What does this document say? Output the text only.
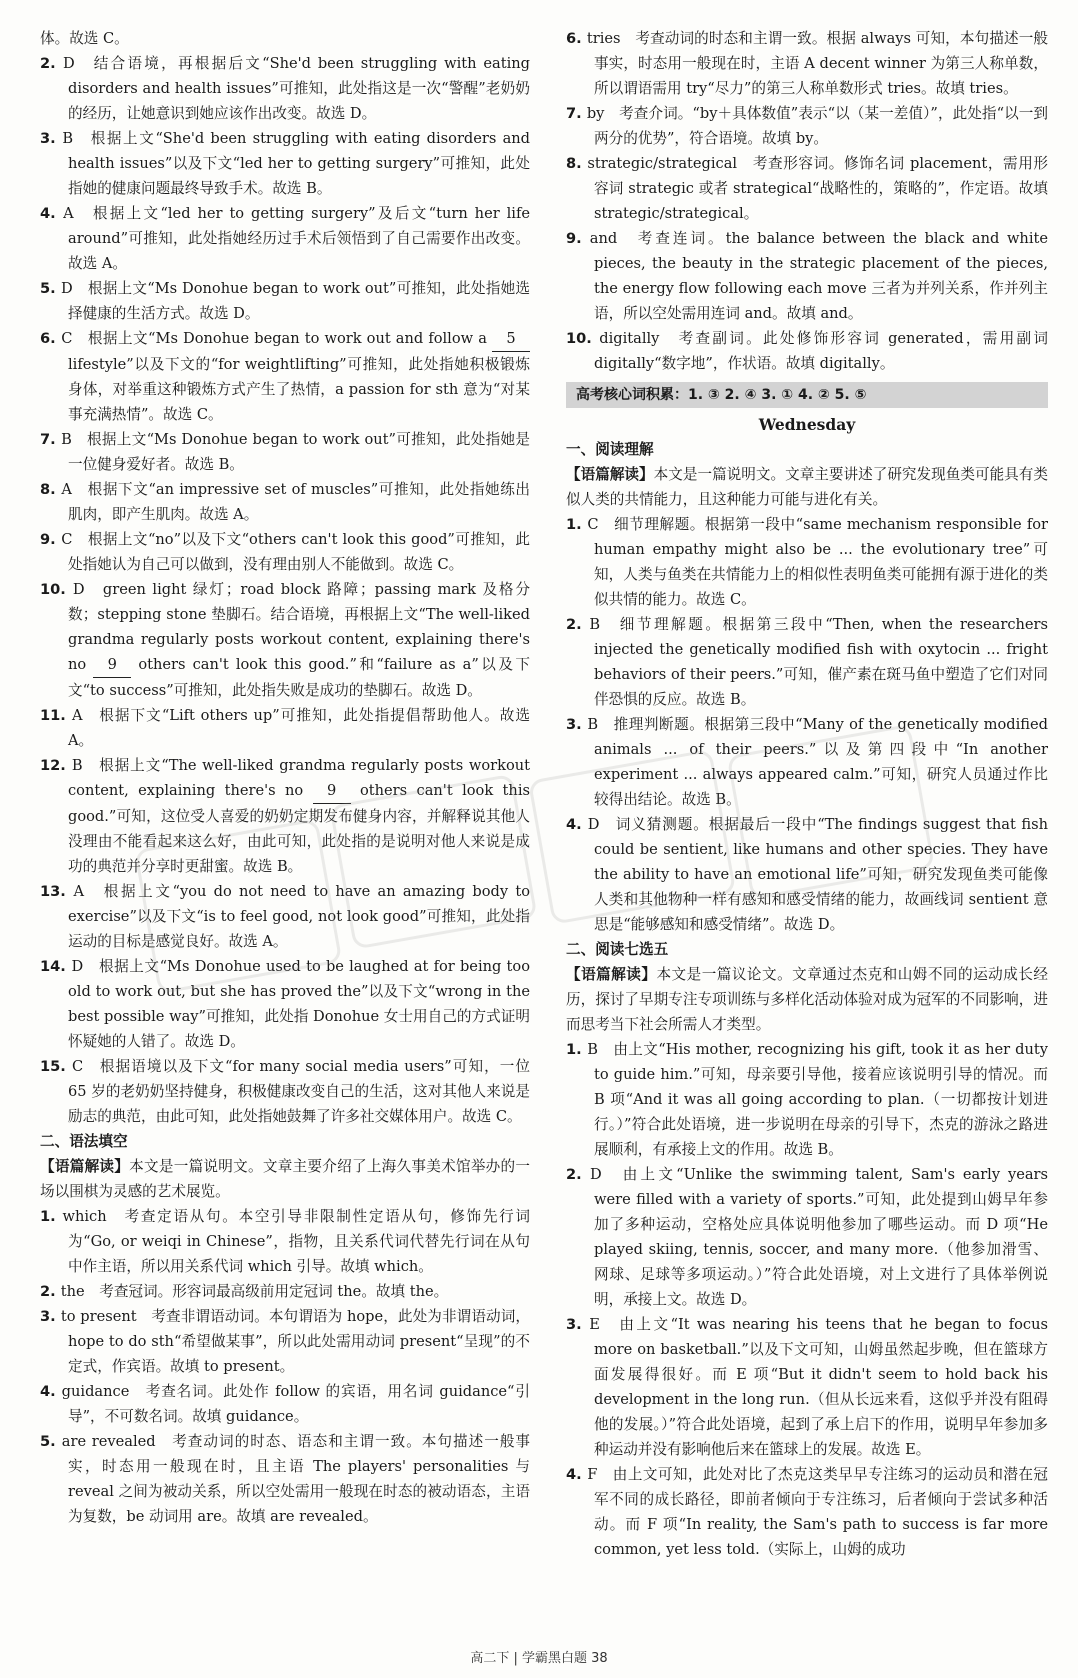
体。故选 C。

2. D　结合语境，再根据后文“She'd been struggling with eating disorders and health issues”可推知，此处指这是一次“警醒”老奶奶的经历，让她意识到她应该作出改变。故选 D。

3. B　根据上文“She'd been struggling with eating disorders and health issues”以及下文“led her to getting surgery”可推知，此处指她的健康问题最终导致手术。故选 B。

4. A　根据上文“led her to getting surgery”及后文“turn her life around”可推知，此处指她经历过手术后领悟到了自己需要作出改变。故选 A。

5. D　根据上文“Ms Donohue began to work out”可推知，此处指她选择健康的生活方式。故选 D。

6. C　根据上文“Ms Donohue began to work out and follow a 5 lifestyle”以及下文的“for weightlifting”可推知，此处指她积极锻炼身体，对举重这种锻炼方式产生了热情，a passion for sth 意为“对某事充满热情”。故选 C。

7. B　根据上文“Ms Donohue began to work out”可推知，此处指她是一位健身爱好者。故选 B。

8. A　根据下文“an impressive set of muscles”可推知，此处指她练出肌肉，即产生肌肉。故选 A。

9. C　根据上文“no”以及下文“others can't look this good”可推知，此处指她认为自己可以做到，没有理由别人不能做到。故选 C。

10. D　green light 绿灯；road block 路障；passing mark 及格分数；stepping stone 垫脚石。结合语境，再根据上文“The well-liked grandma regularly posts workout content, explaining there's no 9 others can't look this good.”和“failure as a”以及下文“to success”可推知，此处指失败是成功的垫脚石。故选 D。

11. A　根据下文“Lift others up”可推知，此处指提倡帮助他人。故选 A。

12. B　根据上文“The well-liked grandma regularly posts workout content, explaining there's no 9 others can't look this good.”可知，这位受人喜爱的奶奶定期发布健身内容，并解释说其他人没理由不能看起来这么好，由此可知，此处指的是说明对他人来说是成功的典范并分享时更甜蜜。故选 B。

13. A　根据上文“you do not need to have an amazing body to exercise”以及下文“is to feel good, not look good”可推知，此处指运动的目标是感觉良好。故选 A。

14. D　根据上文“Ms Donohue used to be laughed at for being too old to work out, but she has proved the”以及下文“wrong in the best possible way”可推知，此处指 Donohue 女士用自己的方式证明怀疑她的人错了。故选 D。

15. C　根据语境以及下文“for many social media users”可知，一位 65 岁的老奶奶坚持健身，积极健康改变自己的生活，这对其他人来说是励志的典范，由此可知，此处指她鼓舞了许多社交媒体用户。故选 C。

二、语法填空

【语篇解读】本文是一篇说明文。文章主要介绍了上海久事美术馆举办的一场以围棋为灵感的艺术展览。

1. which　考查定语从句。本空引导非限制性定语从句，修饰先行词为“Go, or weiqi in Chinese”，指物，且关系代词代替先行词在从句中作主语，所以用关系代词 which 引导。故填 which。

2. the　考查冠词。形容词最高级前用定冠词 the。故填 the。

3. to present　考查非谓语动词。本句谓语为 hope，此处为非谓语动词，hope to do sth“希望做某事”，所以此处需用动词 present“呈现”的不定式，作宾语。故填 to present。

4. guidance　考查名词。此处作 follow 的宾语，用名词 guidance“引导”，不可数名词。故填 guidance。

5. are revealed　考查动词的时态、语态和主谓一致。本句描述一般事实，时态用一般现在时，且主语 The players' personalities 与 reveal 之间为被动关系，所以空处需用一般现在时态的被动语态，主语为复数，be 动词用 are。故填 are revealed。

6. tries　考查动词的时态和主谓一致。根据 always 可知，本句描述一般事实，时态用一般现在时，主语 A decent winner 为第三人称单数，所以谓语需用 try“尽力”的第三人称单数形式 tries。故填 tries。

7. by　考查介词。“by＋具体数值”表示“以（某一差值）”，此处指“以一到两分的优势”，符合语境。故填 by。

8. strategic/strategical　考查形容词。修饰名词 placement，需用形容词 strategic 或者 strategical“战略性的，策略的”，作定语。故填 strategic/strategical。

9. and　考查连词。the balance between the black and white pieces, the beauty in the strategic placement of the pieces, the energy flow following each move 三者为并列关系，作并列主语，所以空处需用连词 and。故填 and。

10. digitally　考查副词。此处修饰形容词 generated，需用副词 digitally“数字地”，作状语。故填 digitally。

高考核心词积累：1. ③ 2. ④ 3. ① 4. ② 5. ⑤

Wednesday

一、阅读理解

【语篇解读】本文是一篇说明文。文章主要讲述了研究发现鱼类可能具有类似人类的共情能力，且这种能力可能与进化有关。

1. C　细节理解题。根据第一段中“same mechanism responsible for human empathy might also be ... the evolutionary tree”可知，人类与鱼类在共情能力上的相似性表明鱼类可能拥有源于进化的类似共情的能力。故选 C。

2. B　细节理解题。根据第三段中“Then, when the researchers injected the genetically modified fish with oxytocin ... fright behaviors of their peers.”可知，催产素在斑马鱼中塑造了它们对同伴恐惧的反应。故选 B。

3. B　推理判断题。根据第三段中“Many of the genetically modified animals ... of their peers.”以及第四段中“In another experiment ... always appeared calm.”可知，研究人员通过作比较得出结论。故选 B。

4. D　词义猜测题。根据最后一段中“The findings suggest that fish could be sentient, like humans and other species. They have the ability to have an emotional life”可知，研究发现鱼类可能像人类和其他物种一样有感知和感受情绪的能力，故画线词 sentient 意思是“能够感知和感受情绪”。故选 D。

二、阅读七选五

【语篇解读】本文是一篇议论文。文章通过杰克和山姆不同的运动成长经历，探讨了早期专注专项训练与多样化活动体验对成为冠军的不同影响，进而思考当下社会所需人才类型。

1. B　由上文“His mother, recognizing his gift, took it as her duty to guide him.”可知，母亲要引导他，接着应该说明引导的情况。而 B 项“And it was all going according to plan.（一切都按计划进行。）”符合此处语境，进一步说明在母亲的引导下，杰克的游泳之路进展顺利，有承接上文的作用。故选 B。

2. D　由上文“Unlike the swimming talent, Sam's early years were filled with a variety of sports.”可知，此处提到山姆早年参加了多种运动，空格处应具体说明他参加了哪些运动。而 D 项“He played skiing, tennis, soccer, and many more.（他参加滑雪、网球、足球等多项运动。）”符合此处语境，对上文进行了具体举例说明，承接上文。故选 D。

3. E　由上文“It was nearing his teens that he began to focus more on basketball.”以及下文可知，山姆虽然起步晚，但在篮球方面发展得很好。而 E 项“But it didn't seem to hold back his development in the long run.（但从长远来看，这似乎并没有阻碍他的发展。）”符合此处语境，起到了承上启下的作用，说明早年参加多种运动并没有影响他后来在篮球上的发展。故选 E。

4. F　由上文可知，此处对比了杰克这类早早专注练习的运动员和潜在冠军不同的成长路径，即前者倾向于专注练习，后者倾向于尝试多种活动。而 F 项“In reality, the Sam's path to success is far more common, yet less told.（实际上，山姆的成功

高二下 | 学霸黑白题 38
